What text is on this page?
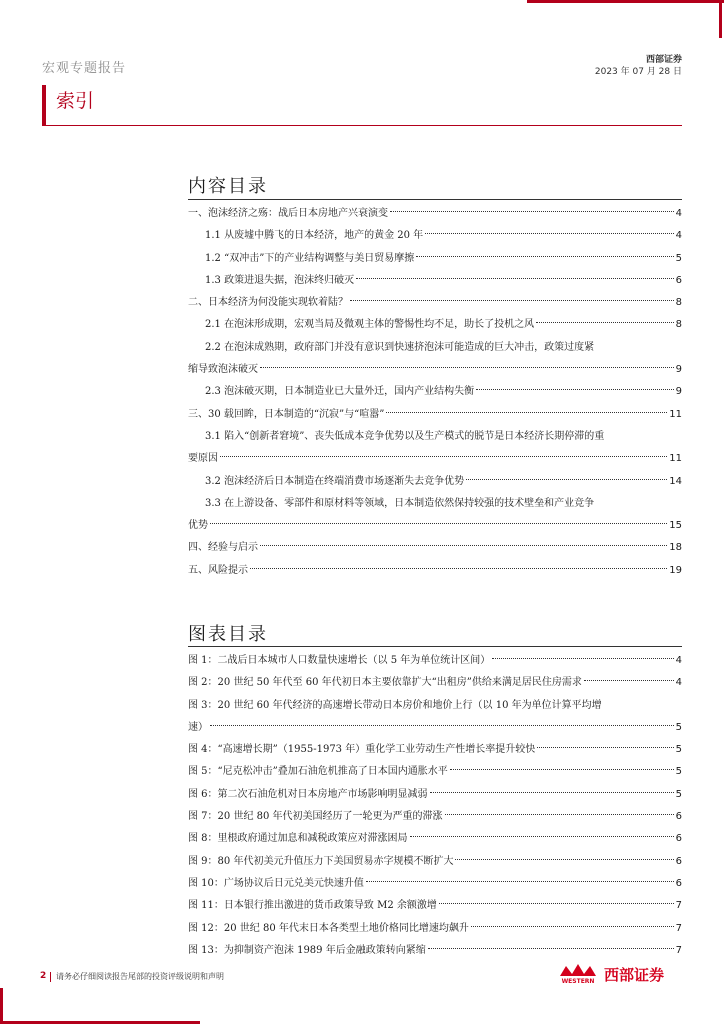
宏观专题报告
西部证券
2023 年 07 月 28 日
索引
内容目录
一、泡沫经济之殇：战后日本房地产兴衰演变	4
1.1 从废墟中腾飞的日本经济，地产的黄金 20 年	4
1.2 “双冲击”下的产业结构调整与美日贸易摩擦	5
1.3 政策进退失据，泡沫终归破灭	6
二、日本经济为何没能实现软着陆？	8
2.1 在泡沫形成期，宏观当局及微观主体的警惕性均不足，助长了投机之风	8
2.2 在泡沫成熟期，政府部门并没有意识到快速挤泡沫可能造成的巨大冲击，政策过度紧
缩导致泡沫破灭	9
2.3 泡沫破灭期，日本制造业已大量外迁，国内产业结构失衡	9
三、30 载回眸，日本制造的“沉寂”与“喧嚣”	11
3.1 陷入“创新者窘境”、丧失低成本竞争优势以及生产模式的脱节是日本经济长期停滞的重
要原因	11
3.2 泡沫经济后日本制造在终端消费市场逐渐失去竞争优势	14
3.3 在上游设备、零部件和原材料等领域，日本制造依然保持较强的技术壁垒和产业竞争
优势	15
四、经验与启示	18
五、风险提示	19
图表目录
图 1：二战后日本城市人口数量快速增长（以 5 年为单位统计区间）	4
图 2：20 世纪 50 年代至 60 年代初日本主要依靠扩大“出租房”供给来满足居民住房需求	4
图 3：20 世纪 60 年代经济的高速增长带动日本房价和地价上行（以 10 年为单位计算平均增
速）	5
图 4：“高速增长期”（1955-1973 年）重化学工业劳动生产性增长率提升较快	5
图 5：“尼克松冲击”叠加石油危机推高了日本国内通胀水平	5
图 6：第二次石油危机对日本房地产市场影响明显减弱	5
图 7：20 世纪 80 年代初美国经历了一轮更为严重的滞涨	6
图 8：里根政府通过加息和减税政策应对滞涨困局	6
图 9：80 年代初美元升值压力下美国贸易赤字规模不断扩大	6
图 10：广场协议后日元兑美元快速升值	6
图 11：日本银行推出激进的货币政策导致 M2 余额激增	7
图 12：20 世纪 80 年代末日本各类型土地价格同比增速均飙升	7
图 13：为抑制资产泡沫 1989 年后金融政策转向紧缩	7
2 请务必仔细阅读报告尾部的投资评级说明和声明
WESTERN 西部证券
